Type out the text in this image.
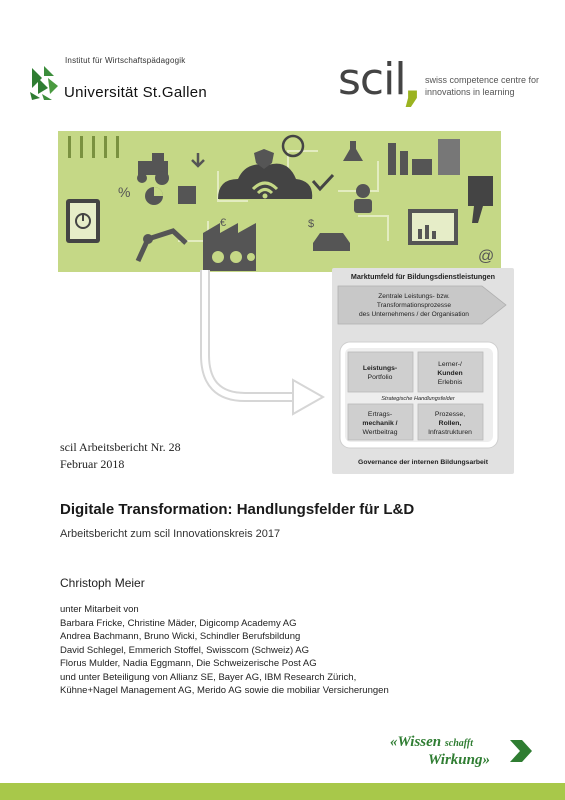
Institut für Wirtschaftspädagogik
Universität St.Gallen	scil
, swiss competence centre for
innovations in learning
%
@
€	$
Marktumfeld für Bildungsdienstleistungen
Zentrale Leistungs- bzw.
Transformationsprozesse
des Unternehmens / der Organisation
Leistungs-
Portfolio
Lerner-/
Kunden
Erlebnis
Strategische Handlungsfelder
Ertrags-
mechanik /
Wertbeitrag
Prozesse,
Rollen,
Infrastrukturen
Governance der internen Bildungsarbeit
scil Arbeitsbericht Nr. 28
Februar 2018
Digitale Transformation: Handlungsfelder für L&D
Arbeitsbericht zum scil Innovationskreis 2017
Christoph Meier
unter Mitarbeit von
Barbara Fricke, Christine Mäder, Digicomp Academy AG
Andrea Bachmann, Bruno Wicki, Schindler Berufsbildung
David Schlegel, Emmerich Stoffel, Swisscom (Schweiz) AG
Florus Mulder, Nadia Eggmann, Die Schweizerische Post AG
und unter Beteiligung von Allianz SE, Bayer AG, IBM Research Zürich,
Kühne+Nagel Management AG, Merido AG sowie die mobiliar Versicherungen
«Wissen schafft
Wirkung»
